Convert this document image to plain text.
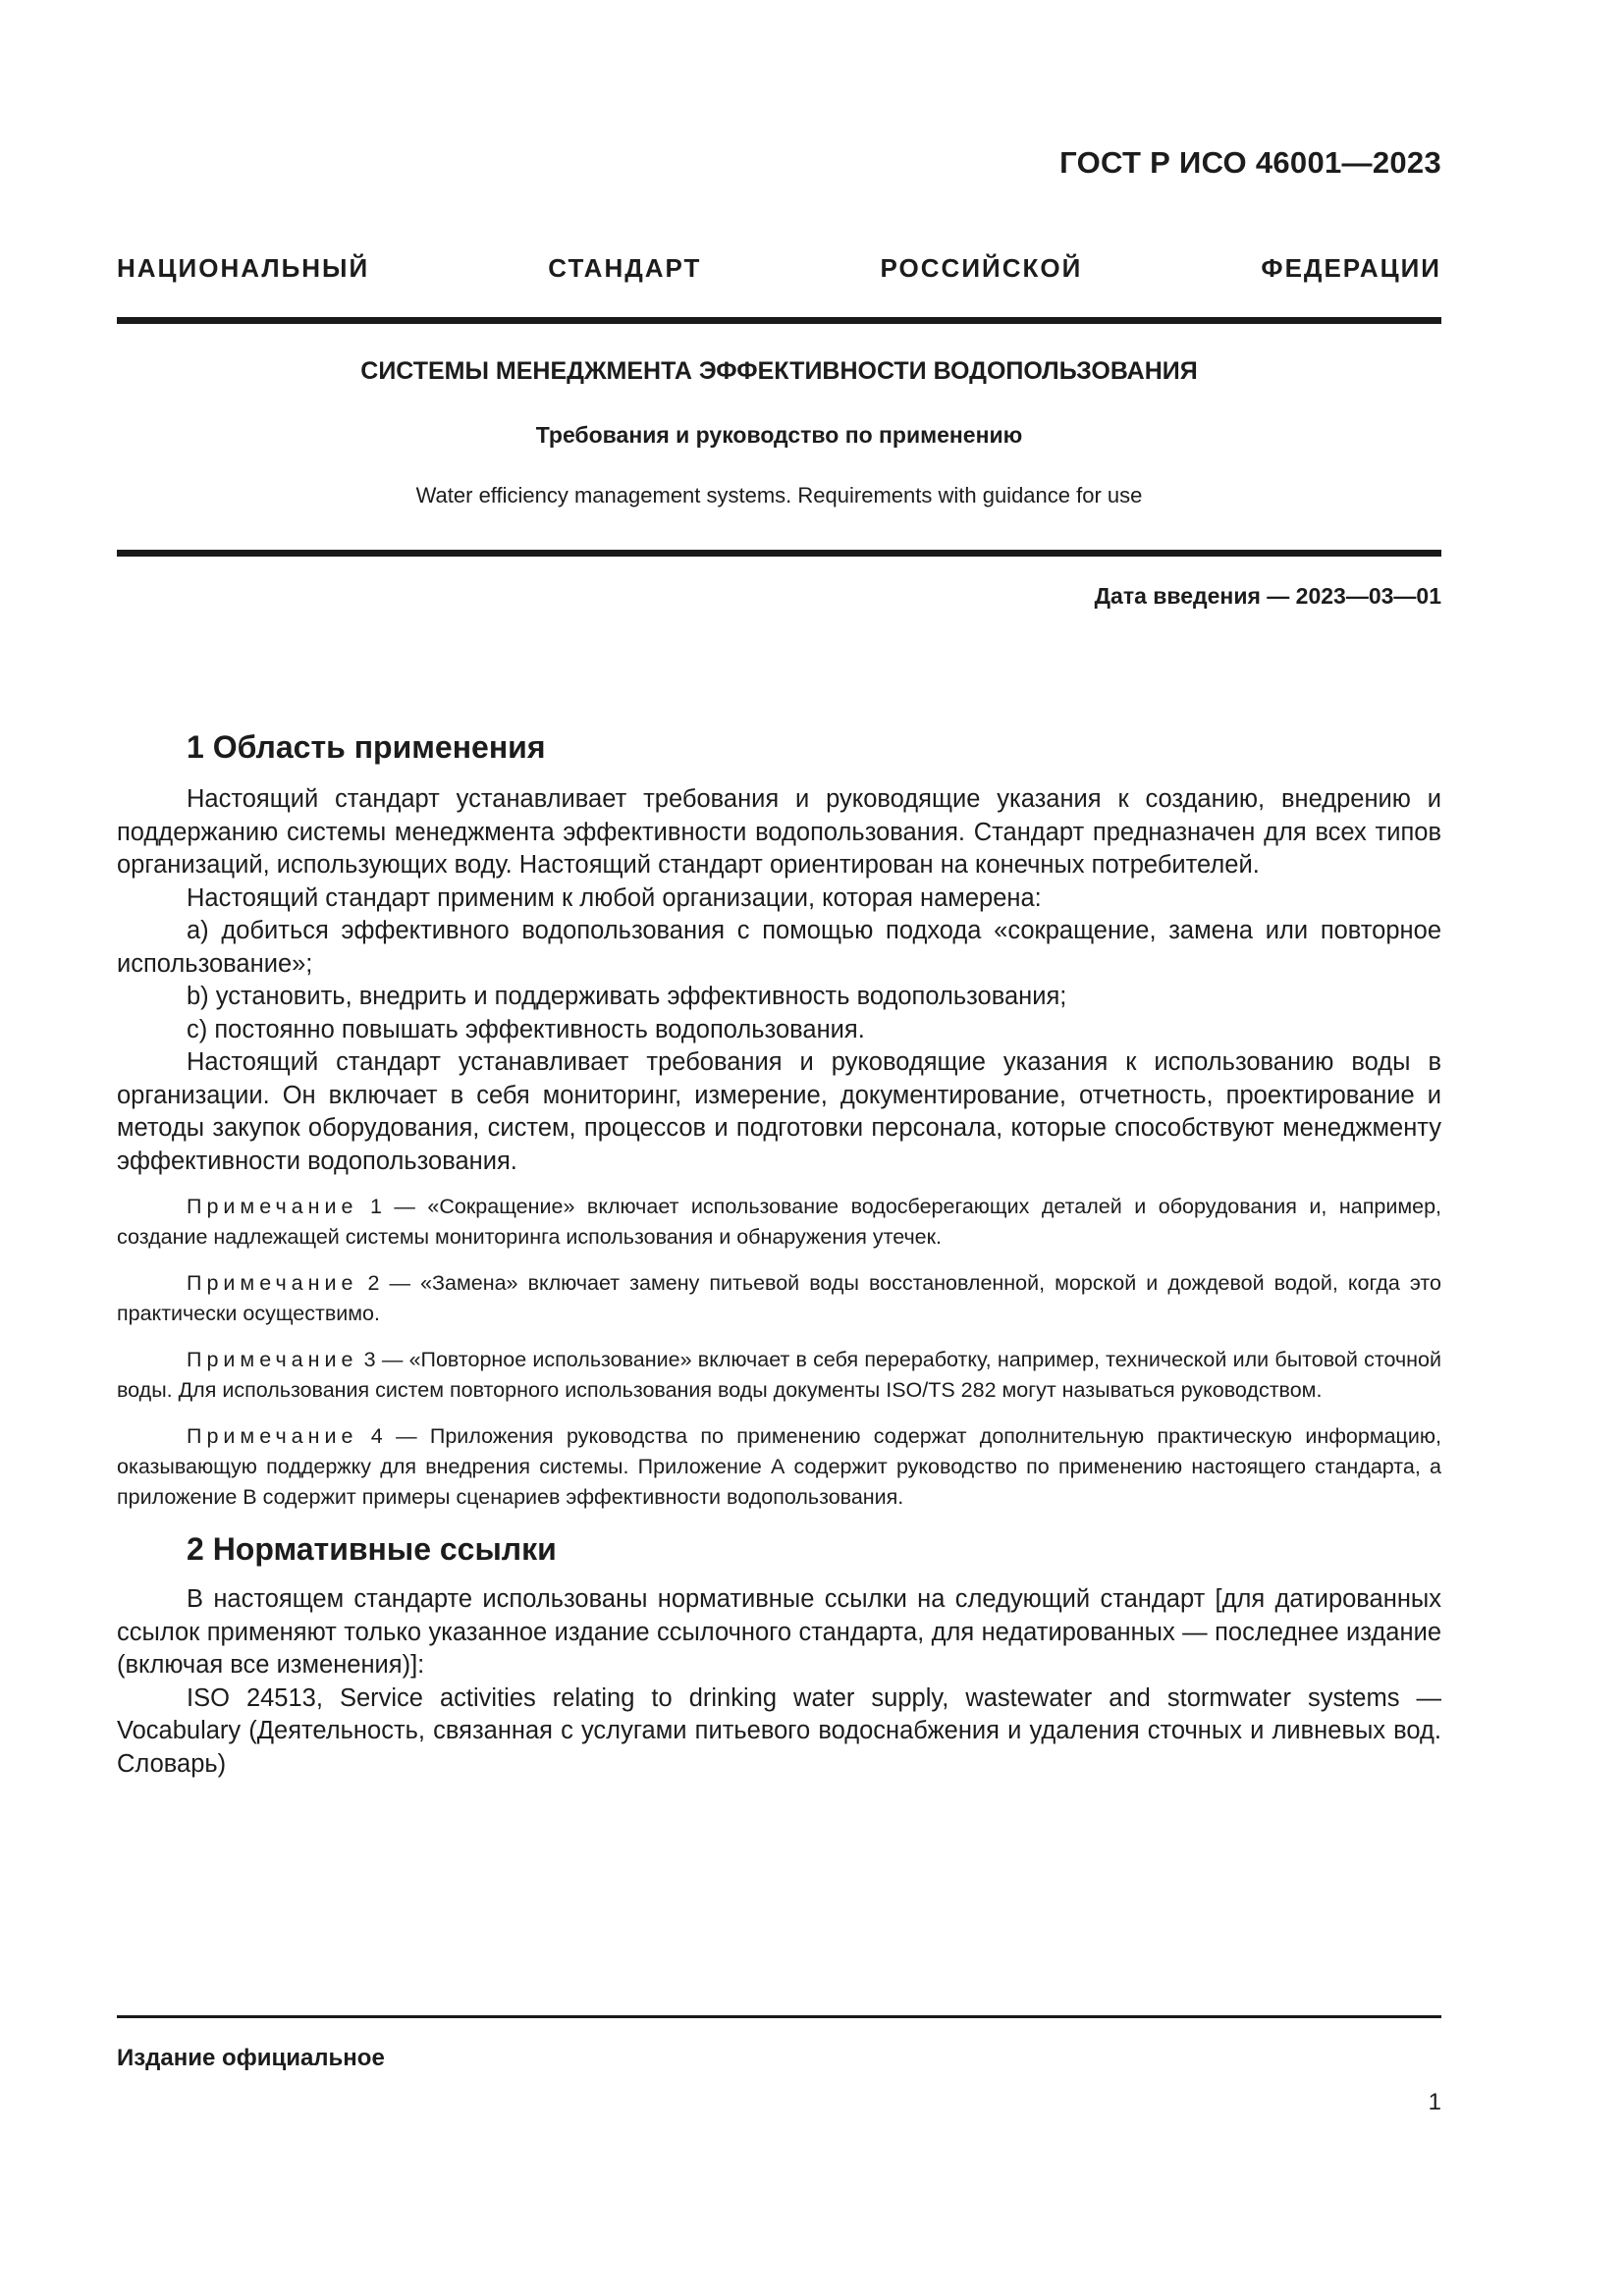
ГОСТ Р ИСО 46001—2023
НАЦИОНАЛЬНЫЙ СТАНДАРТ РОССИЙСКОЙ ФЕДЕРАЦИИ
СИСТЕМЫ МЕНЕДЖМЕНТА ЭФФЕКТИВНОСТИ ВОДОПОЛЬЗОВАНИЯ
Требования и руководство по применению
Water efficiency management systems. Requirements with guidance for use
Дата введения — 2023—03—01
1 Область применения

Настоящий стандарт устанавливает требования и руководящие указания к созданию, внедрению и поддержанию системы менеджмента эффективности водопользования. Стандарт предназначен для всех типов организаций, использующих воду. Настоящий стандарт ориентирован на конечных потребителей.

Настоящий стандарт применим к любой организации, которая намерена:

a) добиться эффективного водопользования с помощью подхода «сокращение, замена или повторное использование»;

b) установить, внедрить и поддерживать эффективность водопользования;

c) постоянно повышать эффективность водопользования.

Настоящий стандарт устанавливает требования и руководящие указания к использованию воды в организации. Он включает в себя мониторинг, измерение, документирование, отчетность, проектирование и методы закупок оборудования, систем, процессов и подготовки персонала, которые способствуют менеджменту эффективности водопользования.

Примечание 1 — «Сокращение» включает использование водосберегающих деталей и оборудования и, например, создание надлежащей системы мониторинга использования и обнаружения утечек.
Примечание 2 — «Замена» включает замену питьевой воды восстановленной, морской и дождевой водой, когда это практически осуществимо.
Примечание 3 — «Повторное использование» включает в себя переработку, например, технической или бытовой сточной воды. Для использования систем повторного использования воды документы ISO/TS 282 могут называться руководством.
Примечание 4 — Приложения руководства по применению содержат дополнительную практическую информацию, оказывающую поддержку для внедрения системы. Приложение А содержит руководство по применению настоящего стандарта, а приложение В содержит примеры сценариев эффективности водопользования.
2 Нормативные ссылки

В настоящем стандарте использованы нормативные ссылки на следующий стандарт [для датированных ссылок применяют только указанное издание ссылочного стандарта, для недатированных — последнее издание (включая все изменения)]:

ISO 24513, Service activities relating to drinking water supply, wastewater and stormwater systems — Vocabulary (Деятельность, связанная с услугами питьевого водоснабжения и удаления сточных и ливневых вод. Словарь)

Издание официальное
1
